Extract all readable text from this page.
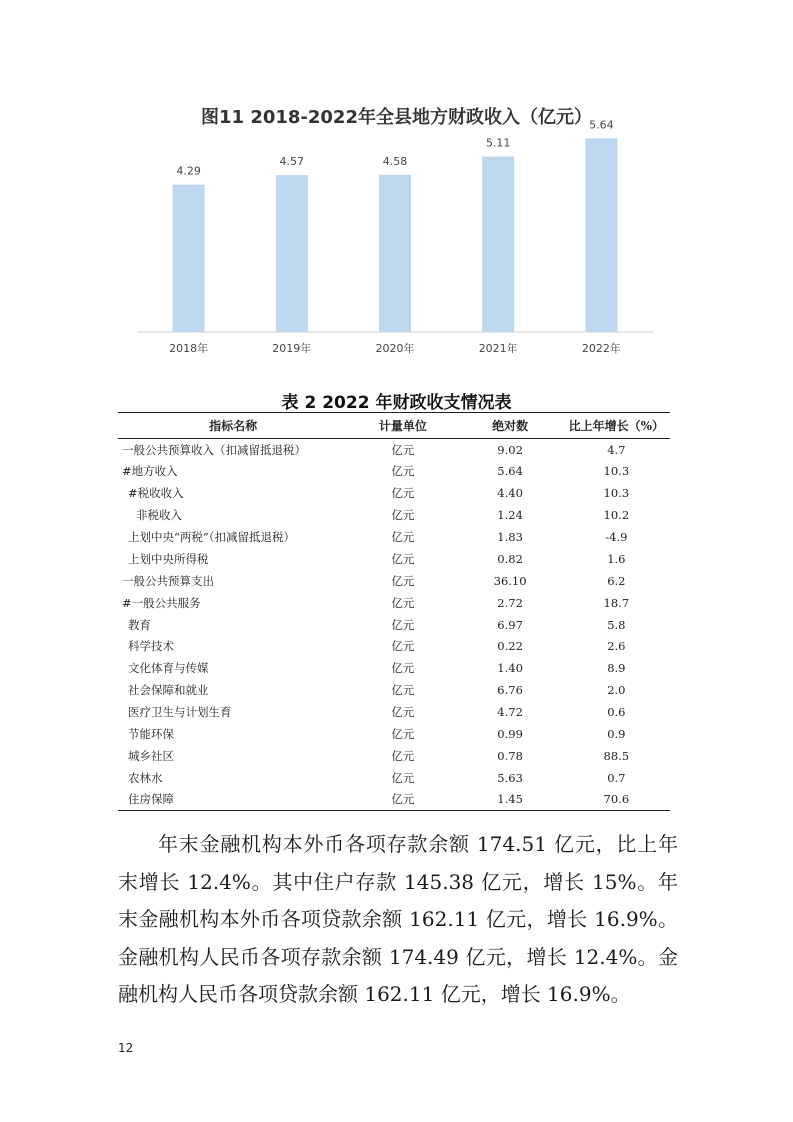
图11 2018-2022年全县地方财政收入（亿元）
4.29
2018年
4.57
2019年
4.58
2020年
5.11
2021年
5.64
2022年
表 2 2022 年财政收支情况表
指标名称	计量单位	绝对数	比上年增长（%）
一般公共预算收入（扣减留抵退税）	亿元	9.02	4.7
#地方收入	亿元	5.64	10.3
#税收收入	亿元	4.40	10.3
非税收入	亿元	1.24	10.2
上划中央“两税”（扣减留抵退税）	亿元	1.83	-4.9
上划中央所得税	亿元	0.82	1.6
一般公共预算支出	亿元	36.10	6.2
#一般公共服务	亿元	2.72	18.7
教育	亿元	6.97	5.8
科学技术	亿元	0.22	2.6
文化体育与传媒	亿元	1.40	8.9
社会保障和就业	亿元	6.76	2.0
医疗卫生与计划生育	亿元	4.72	0.6
节能环保	亿元	0.99	0.9
城乡社区	亿元	0.78	88.5
农林水	亿元	5.63	0.7
住房保障	亿元	1.45	70.6

年末金融机构本外币各项存款余额 174.51 亿元，比上年末增长 12.4%。其中住户存款 145.38 亿元，增长 15%。年末金融机构本外币各项贷款余额 162.11 亿元，增长 16.9%。金融机构人民币各项存款余额 174.49 亿元，增长 12.4%。金融机构人民币各项贷款余额 162.11 亿元，增长 16.9%。

12
